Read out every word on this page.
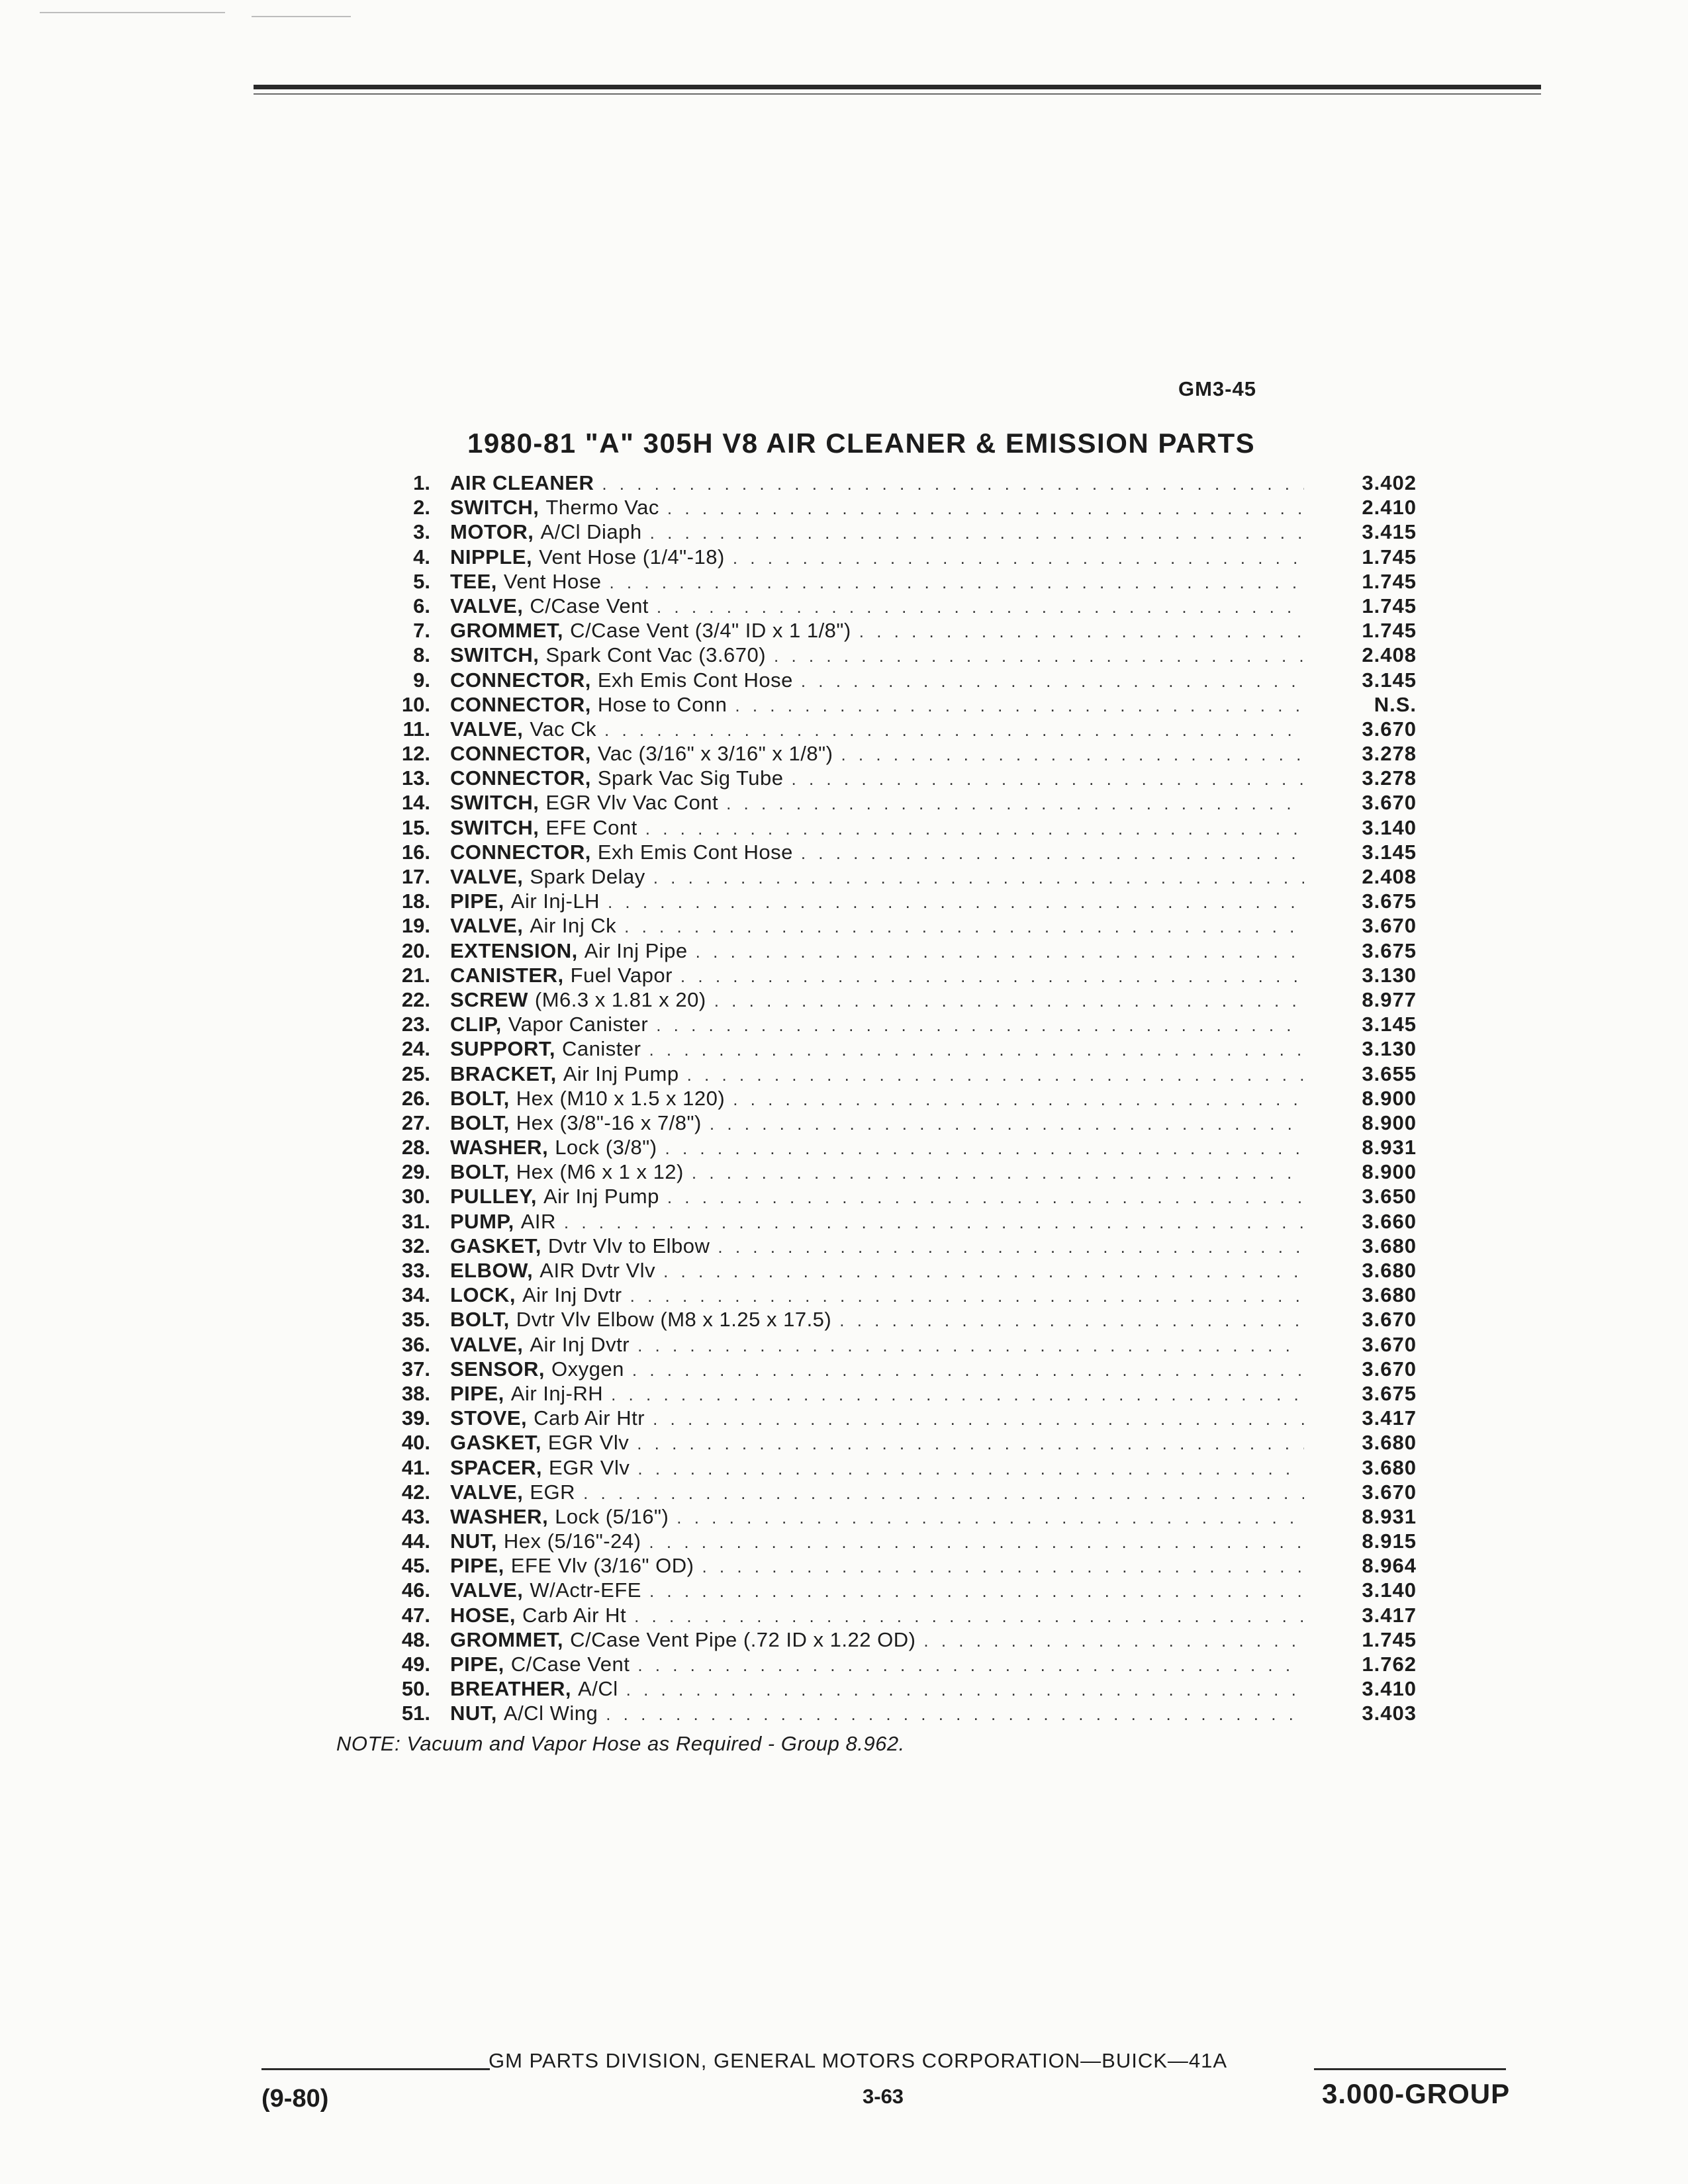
GM3-45
1980-81 "A" 305H V8 AIR CLEANER & EMISSION PARTS
1. AIR CLEANER . . .	3.402
2. SWITCH, Thermo Vac . . .	2.410
3. MOTOR, A/Cl Diaph . . .	3.415
4. NIPPLE, Vent Hose (1/4"-18) . . .	1.745
5. TEE, Vent Hose . . .	1.745
6. VALVE, C/Case Vent . . .	1.745
7. GROMMET, C/Case Vent (3/4" ID x 1 1/8") . . .	1.745
8. SWITCH, Spark Cont Vac (3.670) . . .	2.408
9. CONNECTOR, Exh Emis Cont Hose . . .	3.145
10. CONNECTOR, Hose to Conn . . .	N.S.
11. VALVE, Vac Ck . . .	3.670
12. CONNECTOR, Vac (3/16" x 3/16" x 1/8") . . .	3.278
13. CONNECTOR, Spark Vac Sig Tube . . .	3.278
14. SWITCH, EGR Vlv Vac Cont . . .	3.670
15. SWITCH, EFE Cont . . .	3.140
16. CONNECTOR, Exh Emis Cont Hose . . .	3.145
17. VALVE, Spark Delay . . .	2.408
18. PIPE, Air Inj-LH . . .	3.675
19. VALVE, Air Inj Ck . . .	3.670
20. EXTENSION, Air Inj Pipe . . .	3.675
21. CANISTER, Fuel Vapor . . .	3.130
22. SCREW (M6.3 x 1.81 x 20) . . .	8.977
23. CLIP, Vapor Canister . . .	3.145
24. SUPPORT, Canister . . .	3.130
25. BRACKET, Air Inj Pump . . .	3.655
26. BOLT, Hex (M10 x 1.5 x 120) . . .	8.900
27. BOLT, Hex (3/8"-16 x 7/8") . . .	8.900
28. WASHER, Lock (3/8") . . .	8.931
29. BOLT, Hex (M6 x 1 x 12) . . .	8.900
30. PULLEY, Air Inj Pump . . .	3.650
31. PUMP, AIR . . .	3.660
32. GASKET, Dvtr Vlv to Elbow . . .	3.680
33. ELBOW, AIR Dvtr Vlv . . .	3.680
34. LOCK, Air Inj Dvtr . . .	3.680
35. BOLT, Dvtr Vlv Elbow (M8 x 1.25 x 17.5) . . .	3.670
36. VALVE, Air Inj Dvtr . . .	3.670
37. SENSOR, Oxygen . . .	3.670
38. PIPE, Air Inj-RH . . .	3.675
39. STOVE, Carb Air Htr . . .	3.417
40. GASKET, EGR Vlv . . .	3.680
41. SPACER, EGR Vlv . . .	3.680
42. VALVE, EGR . . .	3.670
43. WASHER, Lock (5/16") . . .	8.931
44. NUT, Hex (5/16"-24) . . .	8.915
45. PIPE, EFE Vlv (3/16" OD) . . .	8.964
46. VALVE, W/Actr-EFE . . .	3.140
47. HOSE, Carb Air Ht . . .	3.417
48. GROMMET, C/Case Vent Pipe (.72 ID x 1.22 OD) . . .	1.745
49. PIPE, C/Case Vent . . .	1.762
50. BREATHER, A/Cl . . .	3.410
51. NUT, A/Cl Wing . . .	3.403
NOTE: Vacuum and Vapor Hose as Required - Group 8.962.
GM PARTS DIVISION, GENERAL MOTORS CORPORATION—BUICK—41A
(9-80)	3-63	3.000-GROUP
